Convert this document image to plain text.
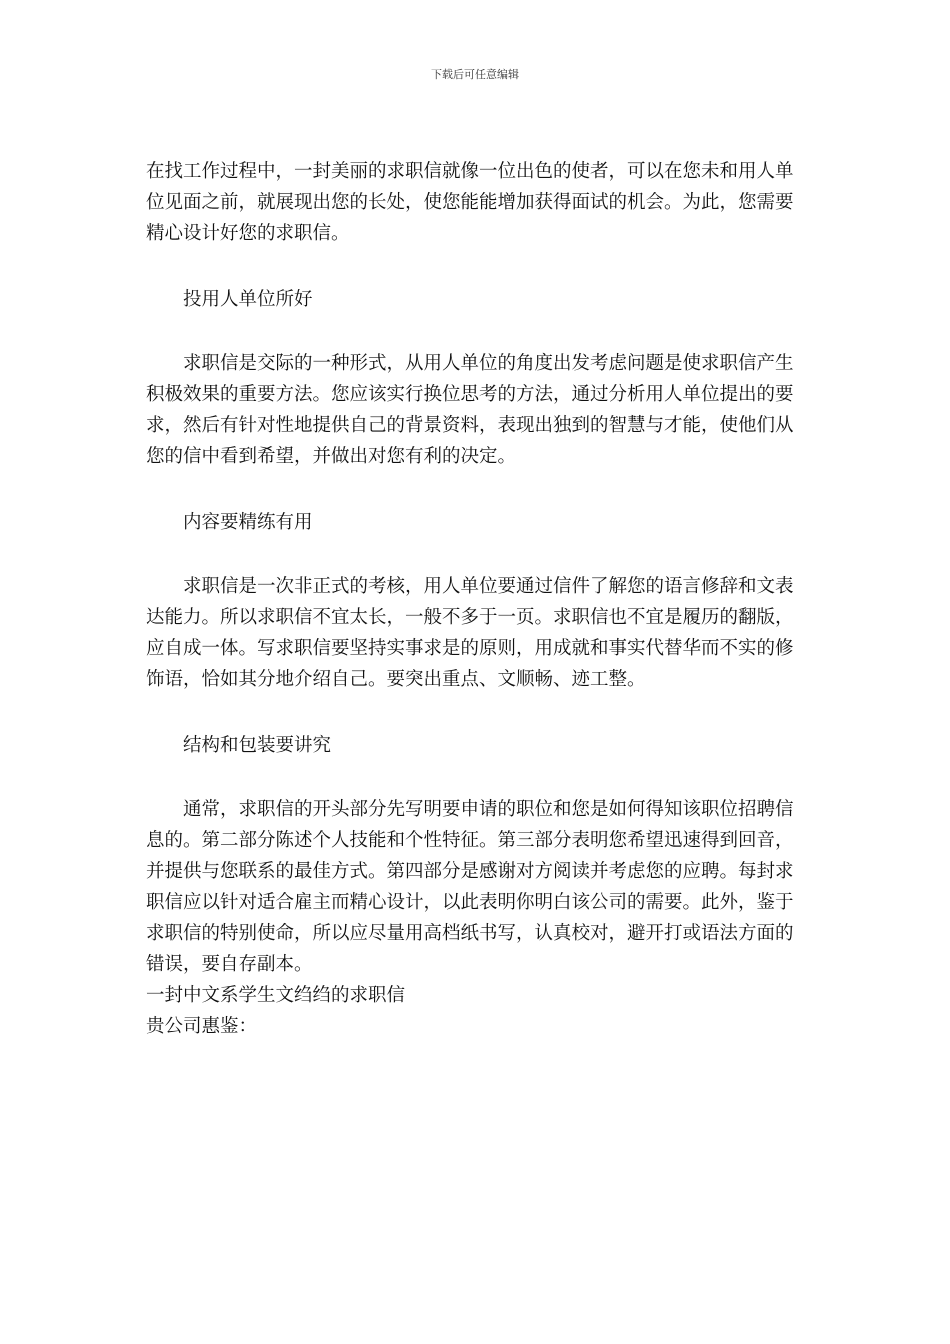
下载后可任意编辑

在找工作过程中，一封美丽的求职信就像一位出色的使者，可以在您未和用人单位见面之前，就展现出您的长处，使您能能增加获得面试的机会。为此，您需要精心设计好您的求职信。

投用人单位所好

求职信是交际的一种形式，从用人单位的角度出发考虑问题是使求职信产生积极效果的重要方法。您应该实行换位思考的方法，通过分析用人单位提出的要

求，然后有针对性地提供自己的背景资料，表现出独到的智慧与才能，使他们从您的信中看到希望，并做出对您有利的决定。

内容要精练有用

求职信是一次非正式的考核，用人单位要通过信件了解您的语言修辞和文表达能力。所以求职信不宜太长，一般不多于一页。求职信也不宜是履历的翻版，应自成一体。写求职信要坚持实事求是的原则，用成就和事实代替华而不实的修饰语，恰如其分地介绍自己。要突出重点、文顺畅、迹工整。

结构和包装要讲究

通常，求职信的开头部分先写明要申请的职位和您是如何得知该职位招聘信息的。第二部分陈述个人技能和个性特征。第三部分表明您希望迅速得到回音，并提供与您联系的最佳方式。第四部分是感谢对方阅读并考虑您的应聘。每封求职信应以针对适合雇主而精心设计，以此表明你明白该公司的需要。此外，鉴于求职信的特别使命，所以应尽量用高档纸书写，认真校对，避开打或语法方面的错误，要自存副本。

一封中文系学生文绉绉的求职信

贵公司惠鉴：
